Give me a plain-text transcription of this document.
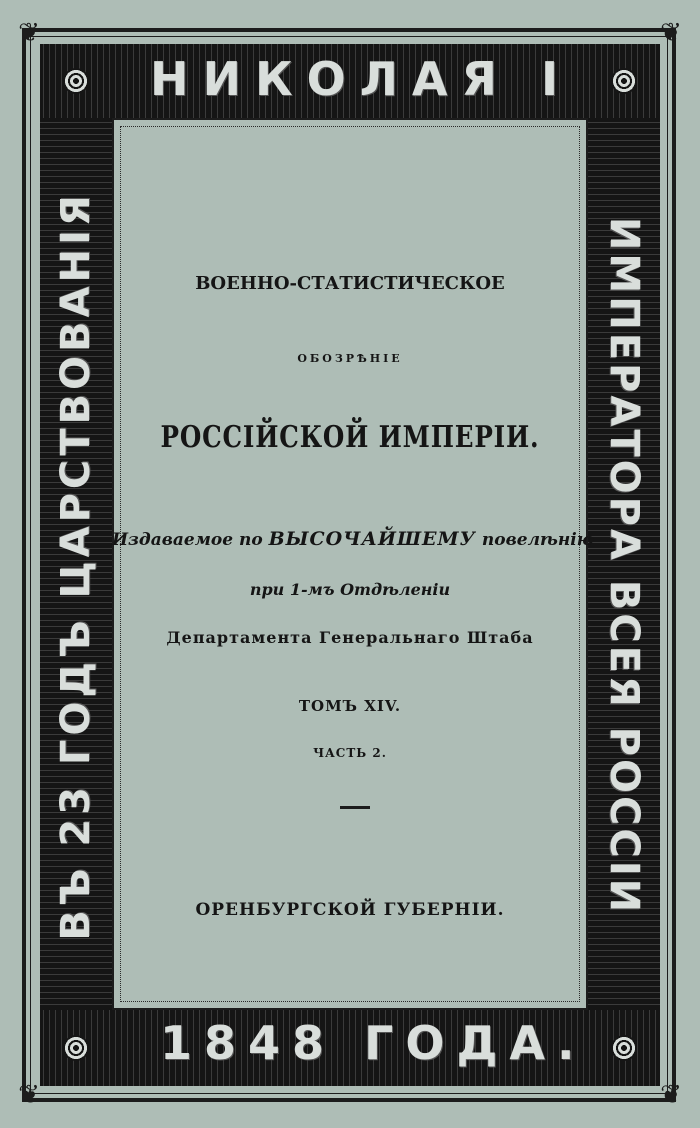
❦	❦
❦	❦
НИКОЛАЯ I
1848 ГОДА.
ВЪ 23 ГОДЪ ЦАРСТВОВАНІЯ	ИМПЕРАТОРА ВСЕЯ РОССІИ
ВОЕННО-СТАТИСТИЧЕСКОЕ
ОБОЗРѢНІЕ
РОССІЙСКОЙ ИМПЕРІИ.
Издаваемое по ВЫСОЧАЙШЕМУ повелѣнію
при 1-мъ Отдѣленіи
Департамента Генеральнаго Штаба
ТОМЪ XIV.
ЧАСТЬ 2.
ОРЕНБУРГСКОЙ ГУБЕРНІИ.
